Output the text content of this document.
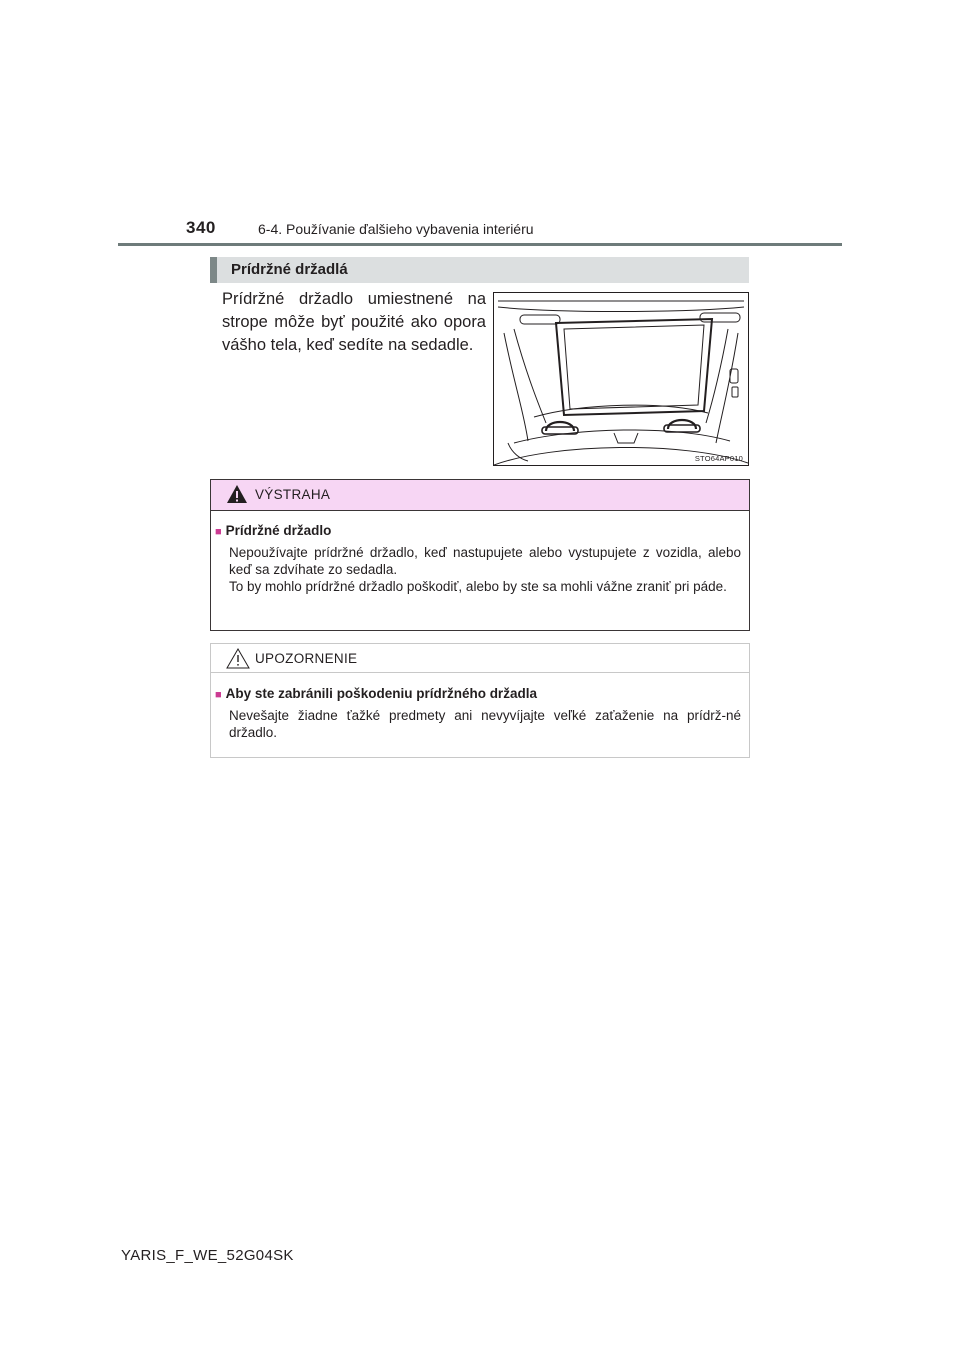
340	6-4. Používanie ďalšieho vybavenia interiéru
Prídržné držadlá
Prídržné držadlo umiestnené na strope môže byť použité ako opora vášho tela, keď sedíte na sedadle.
STO64AP010
VÝSTRAHA
■ Prídržné držadlo

Nepoužívajte prídržné držadlo, keď nastupujete alebo vystupujete z vozidla, alebo keď sa zdvíhate zo sedadla.

To by mohlo prídržné držadlo poškodiť, alebo by ste sa mohli vážne zraniť pri páde.

UPOZORNENIE
■ Aby ste zabránili poškodeniu prídržného držadla

Nevešajte žiadne ťažké predmety ani nevyvíjajte veľké zaťaženie na prídrž-né držadlo.

YARIS_F_WE_52G04SK
